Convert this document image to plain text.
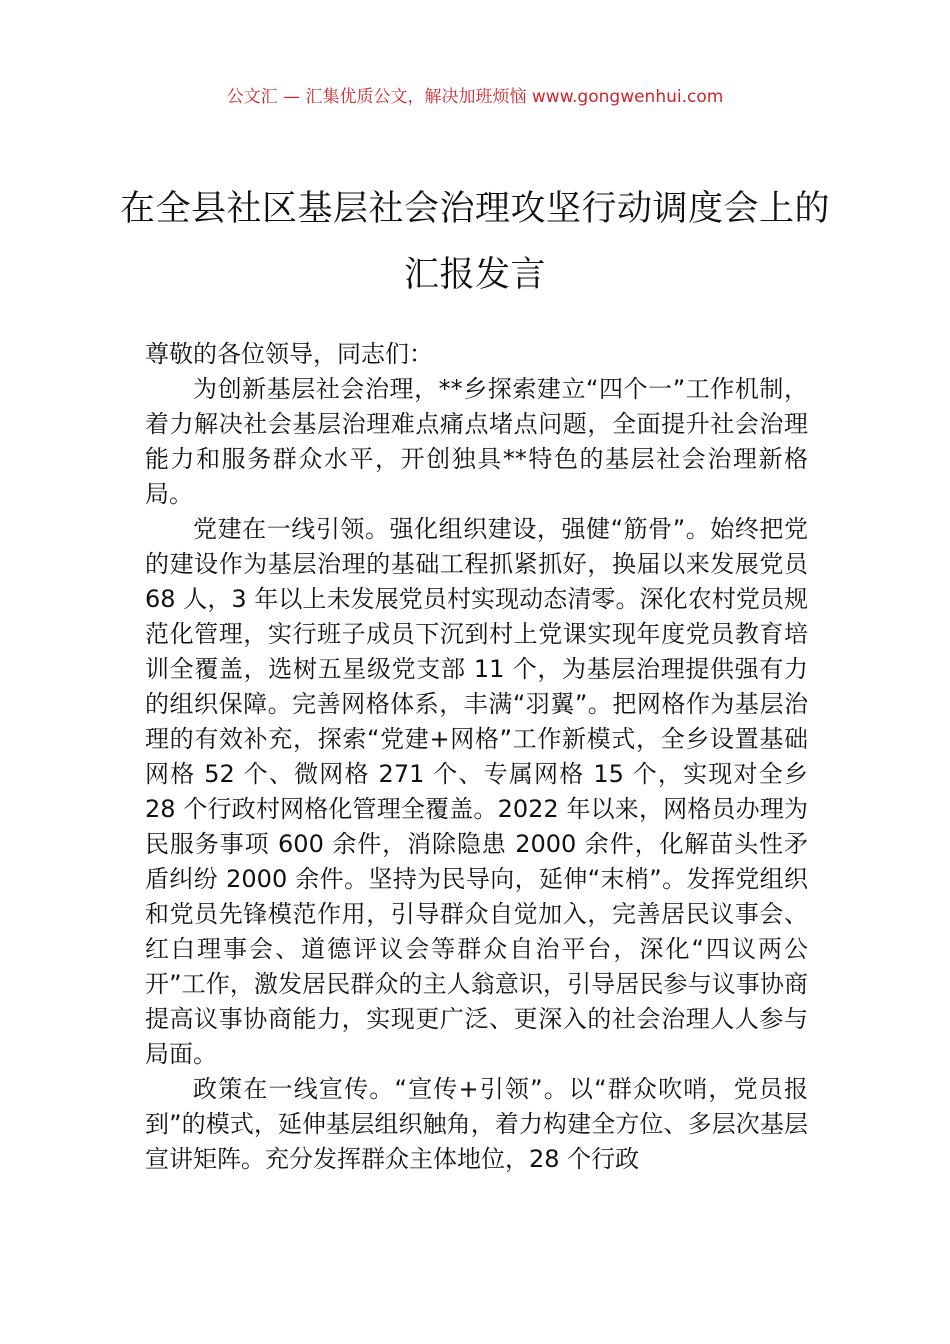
公文汇 — 汇集优质公文，解决加班烦恼 www.gongwenhui.com
在全县社区基层社会治理攻坚行动调度会上的汇报发言

尊敬的各位领导，同志们：

为创新基层社会治理，**乡探索建立“四个一”工作机制，着力解决社会基层治理难点痛点堵点问题，全面提升社会治理能力和服务群众水平，开创独具**特色的基层社会治理新格局。

党建在一线引领。强化组织建设，强健“筋骨”。始终把党的建设作为基层治理的基础工程抓紧抓好，换届以来发展党员 68 人，3 年以上未发展党员村实现动态清零。深化农村党员规范化管理，实行班子成员下沉到村上党课实现年度党员教育培训全覆盖，选树五星级党支部 11 个，为基层治理提供强有力的组织保障。完善网格体系，丰满“羽翼”。把网格作为基层治理的有效补充，探索“党建+网格”工作新模式，全乡设置基础网格 52 个、微网格 271 个、专属网格 15 个，实现对全乡 28 个行政村网格化管理全覆盖。2022 年以来，网格员办理为民服务事项 600 余件，消除隐患 2000 余件，化解苗头性矛盾纠纷 2000 余件。坚持为民导向，延伸“末梢”。发挥党组织和党员先锋模范作用，引导群众自觉加入，完善居民议事会、红白理事会、道德评议会等群众自治平台，深化“四议两公开”工作，激发居民群众的主人翁意识，引导居民参与议事协商提高议事协商能力，实现更广泛、更深入的社会治理人人参与局面。

政策在一线宣传。“宣传+引领”。以“群众吹哨，党员报到”的模式，延伸基层组织触角，着力构建全方位、多层次基层宣讲矩阵。充分发挥群众主体地位，28 个行政
